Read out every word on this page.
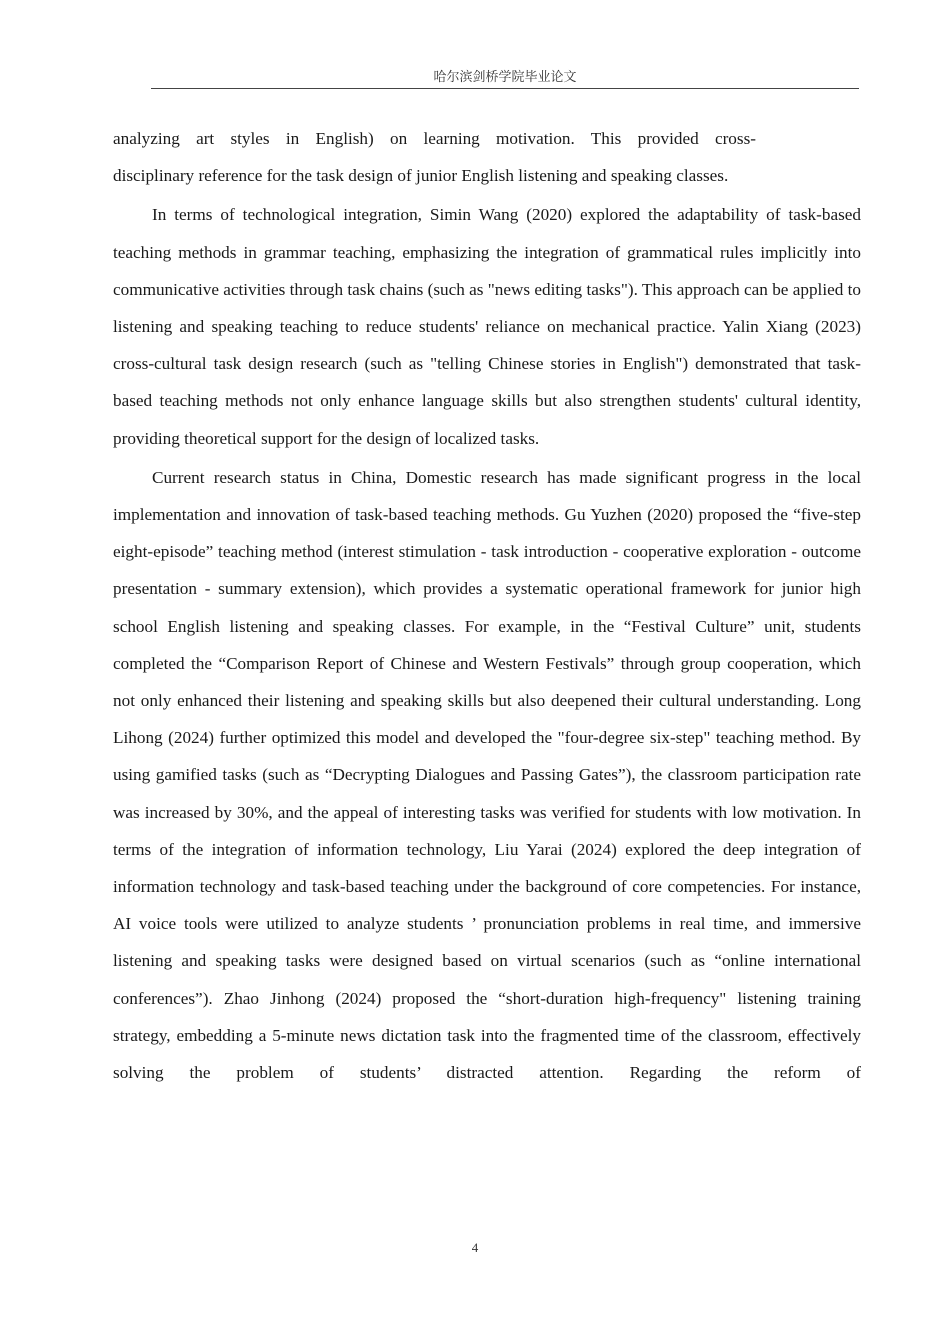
哈尔滨剑桥学院毕业论文

analyzing art styles in English) on learning motivation. This provided cross-
disciplinary reference for the task design of junior English listening and speaking classes.

In terms of technological integration, Simin Wang (2020) explored the adaptability of task-based teaching methods in grammar teaching, emphasizing the integration of grammatical rules implicitly into communicative activities through task chains (such as "news editing tasks"). This approach can be applied to listening and speaking teaching to reduce students' reliance on mechanical practice. Yalin Xiang (2023) cross-cultural task design research (such as "telling Chinese stories in English") demonstrated that task-based teaching methods not only enhance language skills but also strengthen students' cultural identity, providing theoretical support for the design of localized tasks.

Current research status in China, Domestic research has made significant progress in the local implementation and innovation of task-based teaching methods. Gu Yuzhen (2020) proposed the “five-step eight-episode” teaching method (interest stimulation - task introduction - cooperative exploration - outcome presentation - summary extension), which provides a systematic operational framework for junior high school English listening and speaking classes. For example, in the “Festival Culture” unit, students completed the “Comparison Report of Chinese and Western Festivals” through group cooperation, which not only enhanced their listening and speaking skills but also deepened their cultural understanding. Long Lihong (2024) further optimized this model and developed the "four-degree six-step" teaching method. By using gamified tasks (such as “Decrypting Dialogues and Passing Gates”), the classroom participation rate was increased by 30%, and the appeal of interesting tasks was verified for students with low motivation. In terms of the integration of information technology, Liu Yarai (2024) explored the deep integration of information technology and task-based teaching under the background of core competencies. For instance, AI voice tools were utilized to analyze students ’ pronunciation problems in real time, and immersive listening and speaking tasks were designed based on virtual scenarios (such as “online international conferences”). Zhao Jinhong (2024) proposed the “short-duration high-frequency" listening training strategy, embedding a 5-minute news dictation task into the fragmented time of the classroom, effectively solving the problem of students’ distracted attention. Regarding the reform of

4
